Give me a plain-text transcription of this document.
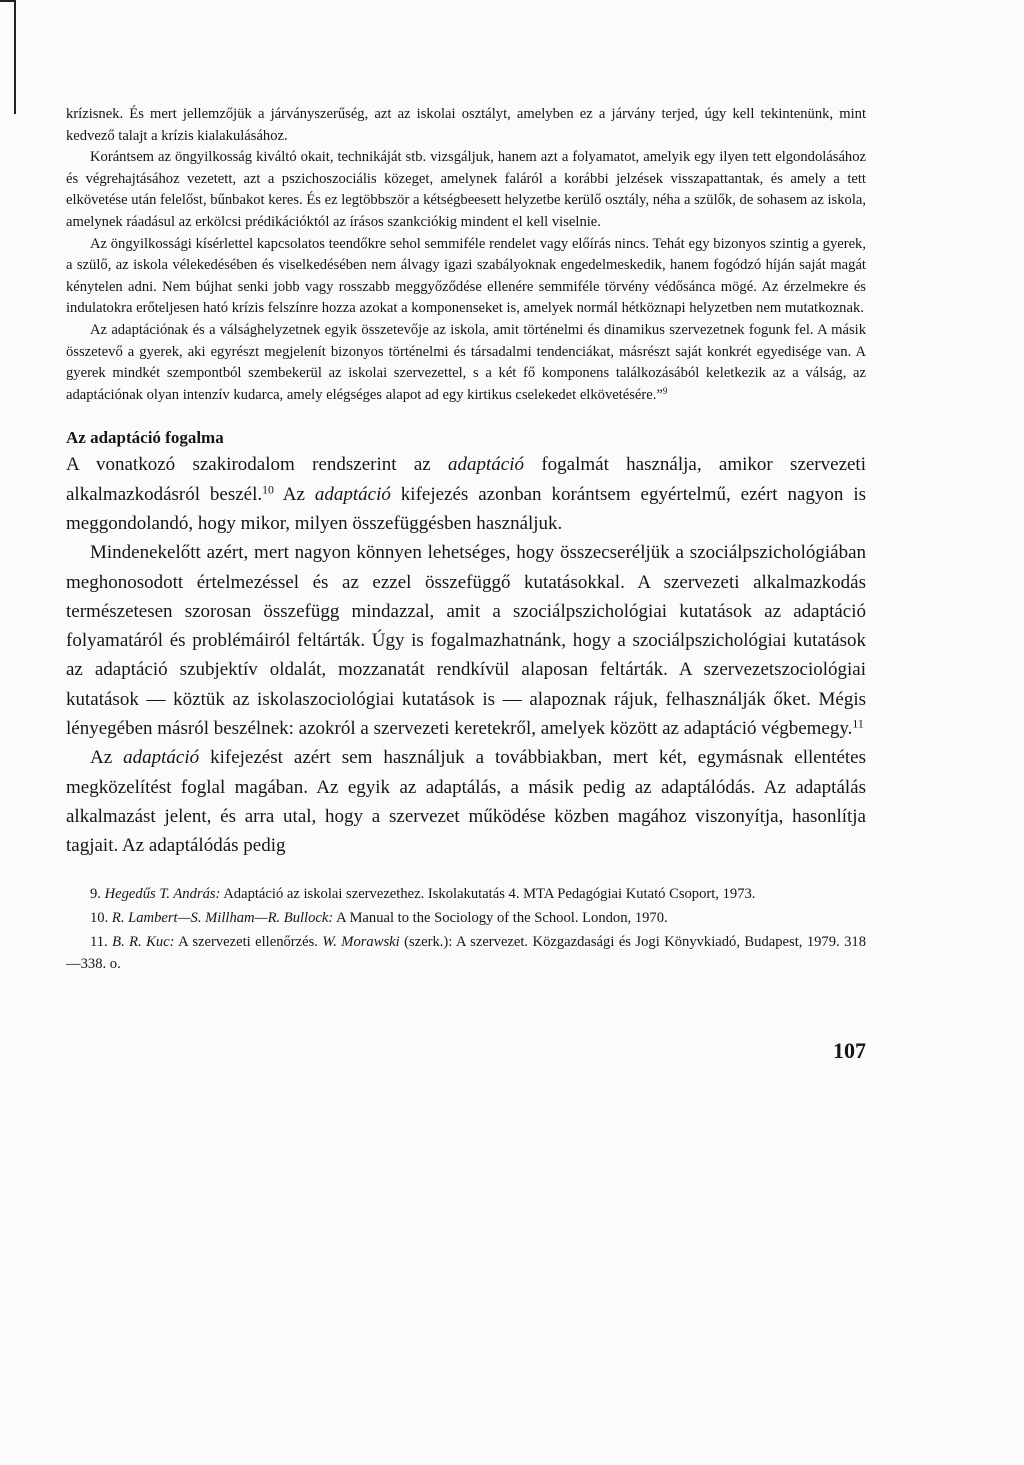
krízisnek. És mert jellemzőjük a járványszerűség, azt az iskolai osztályt, amelyben ez a járvány terjed, úgy kell tekintenünk, mint kedvező talajt a krízis kialakulásához.

Korántsem az öngyilkosság kiváltó okait, technikáját stb. vizsgáljuk, hanem azt a folyamatot, amelyik egy ilyen tett elgondolásához és végrehajtásához vezetett, azt a pszichoszociális közeget, amelynek faláról a korábbi jelzések visszapattantak, és amely a tett elkövetése után felelőst, bűnbakot keres. És ez legtöbbször a kétségbeesett helyzetbe kerülő osztály, néha a szülők, de sohasem az iskola, amelynek ráadásul az erkölcsi prédikációktól az írásos szankciókig mindent el kell viselnie.

Az öngyilkossági kísérlettel kapcsolatos teendőkre sehol semmiféle rendelet vagy előírás nincs. Tehát egy bizonyos szintig a gyerek, a szülő, az iskola vélekedésében és viselkedésében nem álvagy igazi szabályoknak engedelmeskedik, hanem fogódzó híján saját magát kénytelen adni. Nem bújhat senki jobb vagy rosszabb meggyőződése ellenére semmiféle törvény védősánca mögé. Az érzelmekre és indulatokra erőteljesen ható krízis felszínre hozza azokat a komponenseket is, amelyek normál hétköznapi helyzetben nem mutatkoznak.

Az adaptációnak és a válsághelyzetnek egyik összetevője az iskola, amit történelmi és dinamikus szervezetnek fogunk fel. A másik összetevő a gyerek, aki egyrészt megjelenít bizonyos történelmi és társadalmi tendenciákat, másrészt saját konkrét egyedisége van. A gyerek mindkét szempontból szembekerül az iskolai szervezettel, s a két fő komponens találkozásából keletkezik az a válság, az adaptációnak olyan intenzív kudarca, amely elégséges alapot ad egy kirtikus cselekedet elkövetésére.”$^9$

Az adaptáció fogalma

A vonatkozó szakirodalom rendszerint az adaptáció fogalmát használja, amikor szervezeti alkalmazkodásról beszél.$^{10}$ Az adaptáció kifejezés azonban korántsem egyértelmű, ezért nagyon is meggondolandó, hogy mikor, milyen összefüggésben használjuk.

Mindenekelőtt azért, mert nagyon könnyen lehetséges, hogy összecseréljük a szociálpszichológiában meghonosodott értelmezéssel és az ezzel összefüggő kutatásokkal. A szervezeti alkalmazkodás természetesen szorosan összefügg mindazzal, amit a szociálpszichológiai kutatások az adaptáció folyamatáról és problémáiról feltárták. Úgy is fogalmazhatnánk, hogy a szociálpszichológiai kutatások az adaptáció szubjektív oldalát, mozzanatát rendkívül alaposan feltárták. A szervezetszociológiai kutatások — köztük az iskolaszociológiai kutatások is — alapoznak rájuk, felhasználják őket. Mégis lényegében másról beszélnek: azokról a szervezeti keretekről, amelyek között az adaptáció végbemegy.$^{11}$

Az adaptáció kifejezést azért sem használjuk a továbbiakban, mert két, egymásnak ellentétes megközelítést foglal magában. Az egyik az adaptálás, a másik pedig az adaptálódás. Az adaptálás alkalmazást jelent, és arra utal, hogy a szervezet működése közben magához viszonyítja, hasonlítja tagjait. Az adaptálódás pedig

9. Hegedűs T. András: Adaptáció az iskolai szervezethez. Iskolakutatás 4. MTA Pedagógiai Kutató Csoport, 1973.

10. R. Lambert—S. Millham—R. Bullock: A Manual to the Sociology of the School. London, 1970.

11. B. R. Kuc: A szervezeti ellenőrzés. W. Morawski (szerk.): A szervezet. Közgazdasági és Jogi Könyvkiadó, Budapest, 1979. 318—338. o.

107
